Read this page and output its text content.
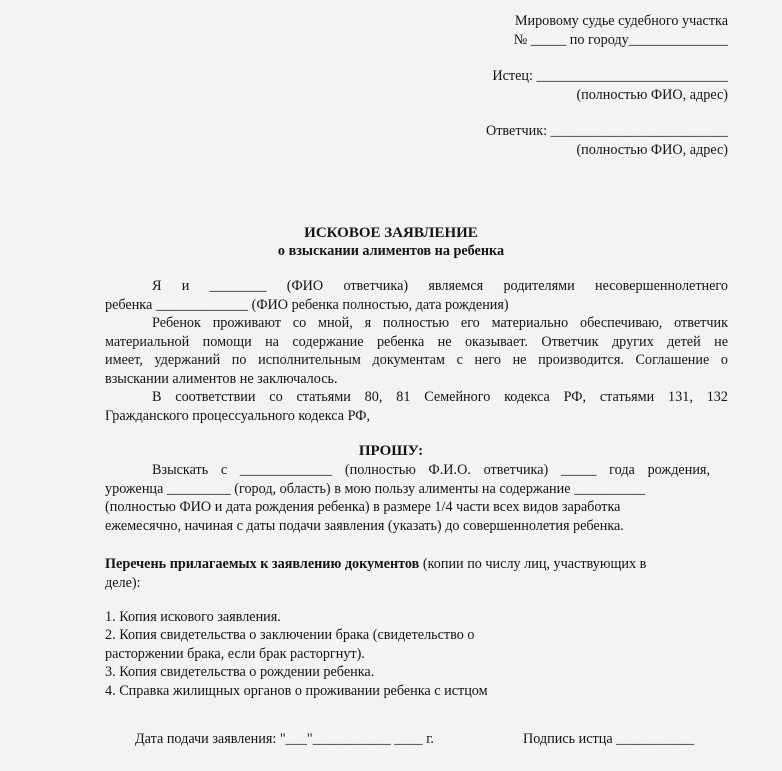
Мировому судье судебного участка
№ _____ по городу______________
Истец: ___________________________
(полностью ФИО, адрес)
Ответчик: _________________________
(полностью ФИО, адрес)
ИСКОВОЕ ЗАЯВЛЕНИЕ
о взыскании алиментов на ребенка
Я и ________ (ФИО ответчика) являемся родителями несовершеннолетнего
ребенка _____________ (ФИО ребенка полностью, дата рождения)
Ребенок проживают со мной, я полностью его материально обеспечиваю, ответчик
материальной помощи на содержание ребенка не оказывает. Ответчик других детей не
имеет, удержаний по исполнительным документам с него не производится. Соглашение о
взыскании алиментов не заключалось.
В соответствии со статьями 80, 81 Семейного кодекса РФ, статьями 131, 132
Гражданского процессуального кодекса РФ,
ПРОШУ:
Взыскать с _____________ (полностью Ф.И.О. ответчика) _____ года рождения,
уроженца _________ (город, область) в мою пользу алименты на содержание __________
(полностью ФИО и дата рождения ребенка) в размере 1/4 части всех видов заработка
ежемесячно, начиная с даты подачи заявления (указать) до совершеннолетия ребенка.
Перечень прилагаемых к заявлению документов (копии по числу лиц, участвующих в
деле):
1. Копия искового заявления.
2. Копия свидетельства о заключении брака (свидетельство о
расторжении брака, если брак расторгнут).
3. Копия свидетельства о рождении ребенка.
4. Справка жилищных органов о проживании ребенка с истцом
Дата подачи заявления: "___"___________ ____ г.	Подпись истца ___________
